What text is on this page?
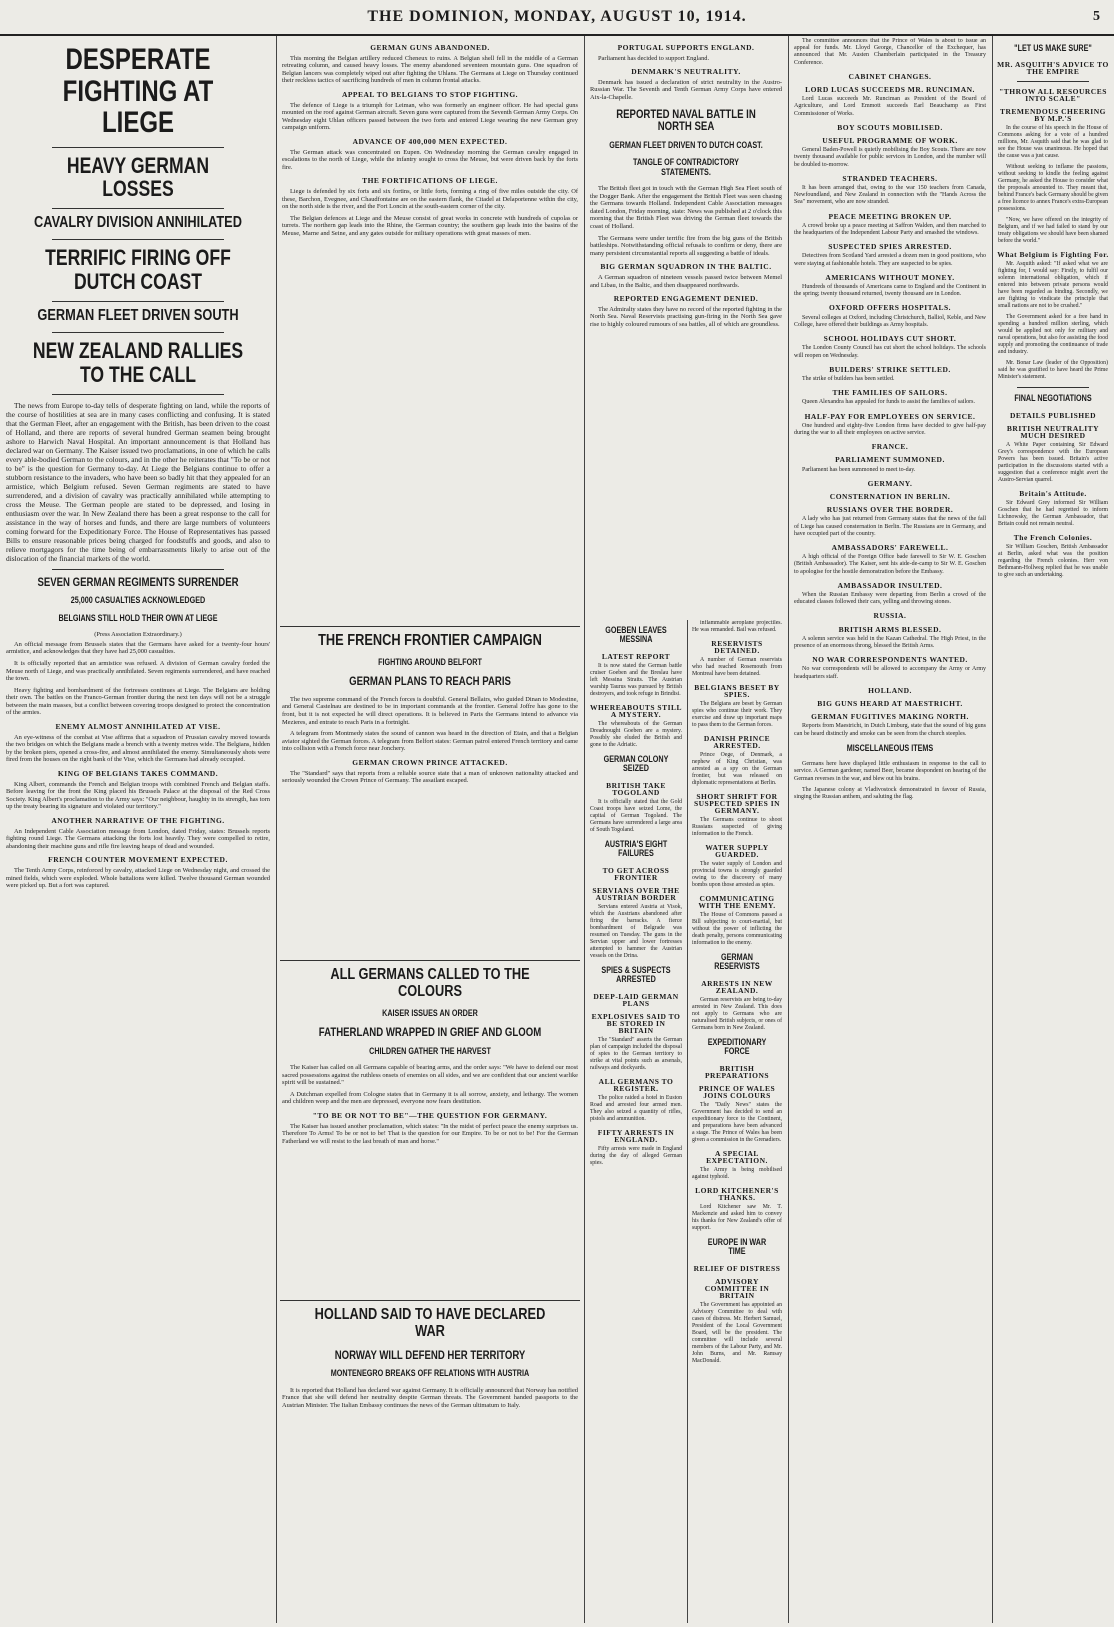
THE DOMINION, MONDAY, AUGUST 10, 1914.	5
DESPERATE FIGHTING AT LIEGE
HEAVY GERMAN LOSSES
CAVALRY DIVISION ANNIHILATED
TERRIFIC FIRING OFF DUTCH COAST
GERMAN FLEET DRIVEN SOUTH
NEW ZEALAND RALLIES TO THE CALL

The news from Europe to-day tells of desperate fighting on land, while the reports of the course of hostilities at sea are in many cases conflicting and confusing. It is stated that the German Fleet, after an engagement with the British, has been driven to the coast of Holland, and there are reports of several hundred German seamen being brought ashore to Harwich Naval Hospital. An important announcement is that Holland has declared war on Germany. The Kaiser issued two proclamations, in one of which he calls every able-bodied German to the colours, and in the other he reiterates that "To be or not to be" is the question for Germany to-day. At Liege the Belgians continue to offer a stubborn resistance to the invaders, who have been so badly hit that they appealed for an armistice, which Belgium refused. Seven German regiments are stated to have surrendered, and a division of cavalry was practically annihilated while attempting to cross the Meuse. The German people are stated to be depressed, and losing in enthusiasm over the war. In New Zealand there has been a great response to the call for assistance in the way of horses and funds, and there are large numbers of volunteers coming forward for the Expeditionary Force. The House of Representatives has passed Bills to ensure reasonable prices being charged for foodstuffs and goods, and also to relieve mortgagors for the time being of embarrassments likely to arise out of the dislocation of the financial markets of the world.

SEVEN GERMAN REGIMENTS SURRENDER
25,000 CASUALTIES ACKNOWLEDGED
BELGIANS STILL HOLD THEIR OWN AT LIEGE
(Press Association Extraordinary.)

An official message from Brussels states that the Germans have asked for a twenty-four hours' armistice, and acknowledges that they have had 25,000 casualties.

It is officially reported that an armistice was refused. A division of German cavalry forded the Meuse north of Liege, and was practically annihilated. Seven regiments surrendered, and have reached the town.

Heavy fighting and bombardment of the fortresses continues at Liege. The Belgians are holding their own. The battles on the Franco-German frontier during the next ten days will not be a struggle between the main masses, but a conflict between covering troops designed to protect the concentration of the armies.

ENEMY ALMOST ANNIHILATED AT VISE.

An eye-witness of the combat at Vise affirms that a squadron of Prussian cavalry moved towards the two bridges on which the Belgians made a brench with a twenty metres wide. The Belgians, hidden by the broken piers, opened a cross-fire, and almost annihilated the enemy. Simultaneously shots were fired from the houses on the right bank of the Vise, which the Germans had already occupied.

KING OF BELGIANS TAKES COMMAND.

King Albert, commands the French and Belgian troops with combined French and Belgian staffs. Before leaving for the front the King placed his Brussels Palace at the disposal of the Red Cross Society. King Albert's proclamation to the Army says: "Our neighbour, haughty in its strength, has torn up the treaty bearing its signature and violated our territory."

ANOTHER NARRATIVE OF THE FIGHTING.

An Independent Cable Association message from London, dated Friday, states: Brussels reports fighting round Liege. The Germans attacking the forts lost heavily. They were compelled to retire, abandoning their machine guns and rifle fire leaving heaps of dead and wounded.

FRENCH COUNTER MOVEMENT EXPECTED.

The Tenth Army Corps, reinforced by cavalry, attacked Liege on Wednesday night, and crossed the mined fields, which were exploded. Whole battalions were killed. Twelve thousand German wounded were picked up. But a fort was captured.

GERMAN GUNS ABANDONED.

This morning the Belgian artillery reduced Cheneux to ruins. A Belgian shell fell in the middle of a German retreating column, and caused heavy losses. The enemy abandoned seventeen mountain guns. One squadron of Belgian lancers was completely wiped out after fighting the Uhlans. The Germans at Liege on Thursday continued their reckless tactics of sacrificing hundreds of men in column frontal attacks.

APPEAL TO BELGIANS TO STOP FIGHTING.

The defence of Liege is a triumph for Leiman, who was formerly an engineer officer. He had special guns mounted on the roof against German aircraft. Seven guns were captured from the Seventh German Army Corps. On Wednesday eight Uhlan officers passed between the two forts and entered Liege wearing the new German grey campaign uniform.

ADVANCE OF 400,000 MEN EXPECTED.

The German attack was concentrated on Eupen. On Wednesday morning the German cavalry engaged in escalations to the north of Liege, while the infantry sought to cross the Meuse, but were driven back by the forts fire.

THE FORTIFICATIONS OF LIEGE.

Liege is defended by six forts and six fortins, or little forts, forming a ring of five miles outside the city. Of these, Barchon, Evegnee, and Chaudfontaine are on the eastern flank, the Citadel at Delaportenne within the city, on the north side is the river, and the Fort Loncin at the south-eastern corner of the city.

The Belgian defences at Liege and the Meuse consist of great works in concrete with hundreds of cupolas or turrets. The northern gap leads into the Rhine, the German country; the southern gap leads into the basins of the Meuse, Marne and Seine, and any gates outside for military operations with great masses of men.

THE FRENCH FRONTIER CAMPAIGN
FIGHTING AROUND BELFORT
GERMAN PLANS TO REACH PARIS

The two supreme command of the French forces is doubtful. General Bellairs, who guided Dinan to Modestine, and General Castelnau are destined to be in important commands at the frontier. General Joffre has gone to the front, but it is not expected he will direct operations. It is believed in Paris the Germans intend to advance via Mezieres, and entrate to reach Paris in a fortnight.

A telegram from Montmedy states the sound of cannon was heard in the direction of Etain, and that a Belgian aviator sighted the German forces. A telegram from Belfort states: German patrol entered French territory and came into collision with a French force near Jonchery.

GERMAN CROWN PRINCE ATTACKED.

The "Standard" says that reports from a reliable source state that a man of unknown nationality attacked and seriously wounded the Crown Prince of Germany. The assailant escaped.

ALL GERMANS CALLED TO THE COLOURS
KAISER ISSUES AN ORDER
FATHERLAND WRAPPED IN GRIEF AND GLOOM
CHILDREN GATHER THE HARVEST

The Kaiser has called on all Germans capable of bearing arms, and the order says: "We have to defend our most sacred possessions against the ruthless onsets of enemies on all sides, and we are confident that our ancient warlike spirit will be sustained."

A Dutchman expelled from Cologne states that in Germany it is all sorrow, anxiety, and lethargy. The women and children weep and the men are depressed, everyone now fears destitution.

"TO BE OR NOT TO BE"—THE QUESTION FOR GERMANY.

The Kaiser has issued another proclamation, which states: "In the midst of perfect peace the enemy surprises us. Therefore To Arms! To be or not to be! That is the question for our Empire. To be or not to be! For the German Fatherland we will resist to the last breath of man and horse."

HOLLAND SAID TO HAVE DECLARED WAR
NORWAY WILL DEFEND HER TERRITORY
MONTENEGRO BREAKS OFF RELATIONS WITH AUSTRIA

It is reported that Holland has declared war against Germany. It is officially announced that Norway has notified France that she will defend her neutrality despite German threats. The Government handed passports to the Austrian Minister. The Italian Embassy continues the news of the German ultimatum to Italy.

PORTUGAL SUPPORTS ENGLAND.

Parliament has decided to support England.

DENMARK'S NEUTRALITY.

Denmark has issued a declaration of strict neutrality in the Austro-Russian War. The Seventh and Tenth German Army Corps have entered Aix-la-Chapelle.

REPORTED NAVAL BATTLE IN NORTH SEA
GERMAN FLEET DRIVEN TO DUTCH COAST.
TANGLE OF CONTRADICTORY STATEMENTS.

The British fleet got in touch with the German High Sea Fleet south of the Dogger Bank. After the engagement the British Fleet was seen chasing the Germans towards Holland. Independent Cable Association messages dated London, Friday morning, state: News was published at 2 o'clock this morning that the British Fleet was driving the German fleet towards the coast of Holland.

The Germans were under terrific fire from the big guns of the British battleships. Notwithstanding official refusals to confirm or deny, there are many persistent circumstantial reports all suggesting a battle of ideals.

BIG GERMAN SQUADRON IN THE BALTIC.

A German squadron of nineteen vessels passed twice between Memel and Libau, in the Baltic, and then disappeared northwards.

REPORTED ENGAGEMENT DENIED.

The Admiralty states they have no record of the reported fighting in the North Sea. Naval Reservists practising gun-firing in the North Sea gave rise to highly coloured rumours of sea battles, all of which are groundless.

GOEBEN LEAVES MESSINA
LATEST REPORT

It is now stated the German battle cruiser Goeben and the Breslau have left Messina Straits. The Austrian warship Taurus was pursued by British destroyers, and took refuge in Brindisi.

WHEREABOUTS STILL A MYSTERY.

The whereabouts of the German Dreadnought Goeben are a mystery. Possibly she eluded the British and gone to the Adriatic.

GERMAN COLONY SEIZED
BRITISH TAKE TOGOLAND

It is officially stated that the Gold Coast troops have seized Lome, the capital of German Togoland. The Germans have surrendered a large area of South Togoland.

AUSTRIA'S EIGHT FAILURES
TO GET ACROSS FRONTIER
SERVIANS OVER THE AUSTRIAN BORDER

Servians entered Austria at Visok, which the Austrians abandoned after firing the barracks. A fierce bombardment of Belgrade was resumed on Tuesday. The guns in the Servian upper and lower fortresses attempted to hammer the Austrian vessels on the Drina.

SPIES & SUSPECTS ARRESTED
DEEP-LAID GERMAN PLANS
EXPLOSIVES SAID TO BE STORED IN BRITAIN

The "Standard" asserts the German plan of campaign included the disposal of spies to the German territory to strike at vital points such as arsenals, railways and dockyards.

ALL GERMANS TO REGISTER.

The police raided a hotel in Euston Road and arrested four armed men. They also seized a quantity of rifles, pistols and ammunition.

FIFTY ARRESTS IN ENGLAND.

Fifty arrests were made in England during the day of alleged German spies.

inflammable aeroplane projectiles. He was remanded. Bail was refused.

RESERVISTS DETAINED.

A number of German reservists who had reached Rosemouth from Montreal have been detained.

BELGIANS BESET BY SPIES.

The Belgians are beset by German spies who continue their work. They exercise and draw up important maps to pass them to the German forces.

DANISH PRINCE ARRESTED.

Prince Oege, of Denmark, a nephew of King Christian, was arrested as a spy on the German frontier, but was released on diplomatic representations at Berlin.

SHORT SHRIFT FOR SUSPECTED SPIES IN GERMANY.

The Germans continue to shoot Russians suspected of giving information to the French.

WATER SUPPLY GUARDED.

The water supply of London and provincial towns is strongly guarded owing to the discovery of many bombs upon those arrested as spies.

COMMUNICATING WITH THE ENEMY.

The House of Commons passed a Bill subjecting to court-martial, but without the power of inflicting the death penalty, persons communicating information to the enemy.

GERMAN RESERVISTS
ARRESTS IN NEW ZEALAND.

German reservists are being to-day arrested in New Zealand. This does not apply to Germans who are naturalised British subjects, or ones of Germans born in New Zealand.

EXPEDITIONARY FORCE
BRITISH PREPARATIONS
PRINCE OF WALES JOINS COLOURS

The "Daily News" states the Government has decided to send an expeditionary force to the Continent, and preparations have been advanced a stage. The Prince of Wales has been given a commission in the Grenadiers.

A SPECIAL EXPECTATION.

The Army is being mobilised against typhoid.

LORD KITCHENER'S THANKS.

Lord Kitchener saw Mr. T. Mackenzie and asked him to convey his thanks for New Zealand's offer of support.

EUROPE IN WAR TIME
RELIEF OF DISTRESS
ADVISORY COMMITTEE IN BRITAIN

The Government has appointed an Advisory Committee to deal with cases of distress. Mr. Herbert Samuel, President of the Local Government Board, will be the president. The committee will include several members of the Labour Party, and Mr. John Burns, and Mr. Ramsay MacDonald.

The committee announces that the Prince of Wales is about to issue an appeal for funds. Mr. Lloyd George, Chancellor of the Exchequer, has announced that Mr. Austen Chamberlain participated in the Treasury Conference.

CABINET CHANGES.
LORD LUCAS SUCCEEDS MR. RUNCIMAN.

Lord Lucas succeeds Mr. Runciman as President of the Board of Agriculture, and Lord Emmott succeeds Earl Beauchamp as First Commissioner of Works.

BOY SCOUTS MOBILISED.
USEFUL PROGRAMME OF WORK.

General Baden-Powell is quietly mobilising the Boy Scouts. There are now twenty thousand available for public services in London, and the number will be doubled to-morrow.

STRANDED TEACHERS.

It has been arranged that, owing to the war 150 teachers from Canada, Newfoundland, and New Zealand in connection with the "Hands Across the Sea" movement, who are now stranded.

PEACE MEETING BROKEN UP.

A crowd broke up a peace meeting at Saffron Walden, and then marched to the headquarters of the Independent Labour Party and smashed the windows.

SUSPECTED SPIES ARRESTED.

Detectives from Scotland Yard arrested a dozen men in good positions, who were staying at fashionable hotels. They are suspected to be spies.

AMERICANS WITHOUT MONEY.

Hundreds of thousands of Americans came to England and the Continent in the spring; twenty thousand returned, twenty thousand are in London.

OXFORD OFFERS HOSPITALS.

Several colleges at Oxford, including Christchurch, Balliol, Keble, and New College, have offered their buildings as Army hospitals.

SCHOOL HOLIDAYS CUT SHORT.

The London County Council has cut short the school holidays. The schools will reopen on Wednesday.

BUILDERS' STRIKE SETTLED.

The strike of builders has been settled.

THE FAMILIES OF SAILORS.

Queen Alexandra has appealed for funds to assist the families of sailors.

HALF-PAY FOR EMPLOYEES ON SERVICE.

One hundred and eighty-five London firms have decided to give half-pay during the war to all their employees on active service.

FRANCE.
PARLIAMENT SUMMONED.

Parliament has been summoned to meet to-day.

GERMANY.
CONSTERNATION IN BERLIN.
RUSSIANS OVER THE BORDER.

A lady who has just returned from Germany states that the news of the fall of Liege has caused consternation in Berlin. The Russians are in Germany, and have occupied part of the country.

AMBASSADORS' FAREWELL.

A high official of the Foreign Office bade farewell to Sir W. E. Goschen (British Ambassador). The Kaiser, sent his aide-de-camp to Sir W. E. Goschen to apologise for the hostile demonstration before the Embassy.

AMBASSADOR INSULTED.

When the Russian Embassy were departing from Berlin a crowd of the educated classes followed their cars, yelling and throwing stones.

RUSSIA.
BRITISH ARMS BLESSED.

A solemn service was held in the Kazan Cathedral. The High Priest, in the presence of an enormous throng, blessed the British Arms.

NO WAR CORRESPONDENTS WANTED.

No war correspondents will be allowed to accompany the Army or Army headquarters staff.

HOLLAND.
BIG GUNS HEARD AT MAESTRICHT.
GERMAN FUGITIVES MAKING NORTH.

Reports from Maestricht, in Dutch Limburg, state that the sound of big guns can be heard distinctly and smoke can be seen from the church steeples.

MISCELLANEOUS ITEMS

Germans here have displayed little enthusiasm in response to the call to service. A German gardener, named Beer, became despondent on hearing of the German reverses in the war, and blew out his brains.

The Japanese colony at Vladivostock demonstrated in favour of Russia, singing the Russian anthem, and saluting the flag.

"LET US MAKE SURE"
MR. ASQUITH'S ADVICE TO THE EMPIRE
"THROW ALL RESOURCES INTO SCALE"
TREMENDOUS CHEERING BY M.P.'S

In the course of his speech in the House of Commons asking for a vote of a hundred millions, Mr. Asquith said that he was glad to see the House was unanimous. He hoped that the cause was a just cause.

Without seeking to inflame the passions, without seeking to kindle the feeling against Germany, he asked the House to consider what the proposals amounted to. They meant that, behind France's back Germany should be given a free licence to annex France's extra-European possessions.

"Now, we have offered on the integrity of Belgium, and if we had failed to stand by our treaty obligations we should have been shamed before the world."

What Belgium is Fighting For.

Mr. Asquith asked: "If asked what we are fighting for, I would say: Firstly, to fulfil our solemn international obligation, which if entered into between private persons would have been regarded as binding. Secondly, we are fighting to vindicate the principle that small nations are not to be crushed."

The Government asked for a free hand in spending a hundred million sterling, which would be applied not only for military and naval operations, but also for assisting the food supply and promoting the continuance of trade and industry.

Mr. Bonar Law (leader of the Opposition) said he was gratified to have heard the Prime Minister's statement.

FINAL NEGOTIATIONS
DETAILS PUBLISHED
BRITISH NEUTRALITY MUCH DESIRED

A White Paper containing Sir Edward Grey's correspondence with the European Powers has been issued. Britain's active participation in the discussions started with a suggestion that a conference might avert the Austro-Servian quarrel.

Britain's Attitude.

Sir Edward Grey informed Sir William Goschen that he had regretted to inform Lichnowsky, the German Ambassador, that Britain could not remain neutral.

The French Colonies.

Sir William Goschen, British Ambassador at Berlin, asked what was the position regarding the French colonies. Herr von Bethmann-Hollweg replied that he was unable to give such an undertaking.
